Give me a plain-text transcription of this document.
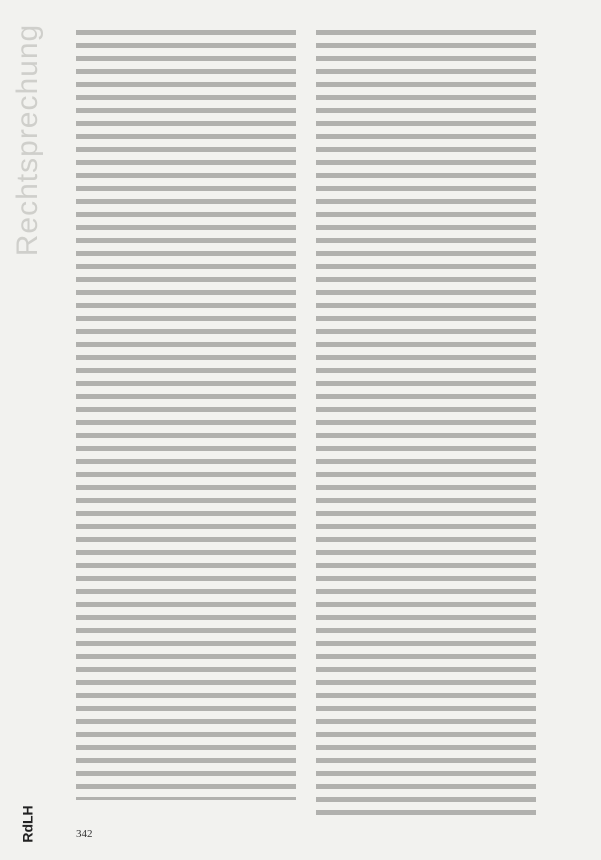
Rechtsprechung
RdLH	342
